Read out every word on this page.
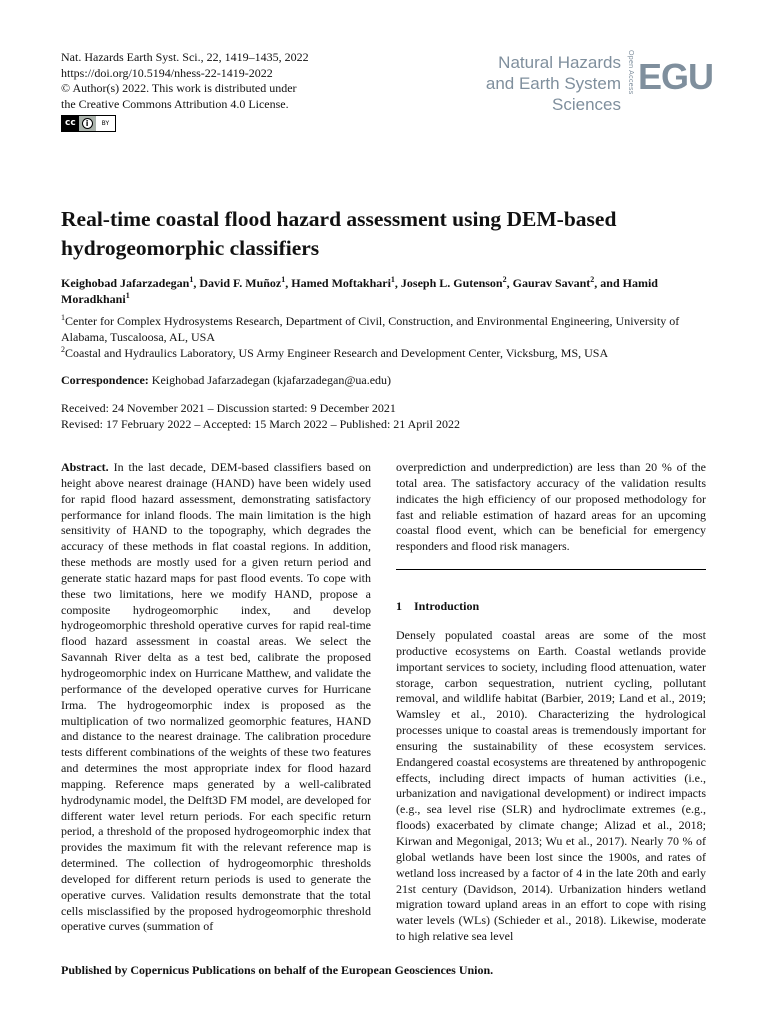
Nat. Hazards Earth Syst. Sci., 22, 1419–1435, 2022
https://doi.org/10.5194/nhess-22-1419-2022
© Author(s) 2022. This work is distributed under
the Creative Commons Attribution 4.0 License.
cc	i	BY
Natural Hazards
and Earth System
Sciences
Open Access EGU
Real-time coastal flood hazard assessment using DEM-based hydrogeomorphic classifiers
Keighobad Jafarzadegan$^1$, David F. Muñoz$^1$, Hamed Moftakhari$^1$, Joseph L. Gutenson$^2$, Gaurav Savant$^2$, and Hamid Moradkhani$^1$
$^1$Center for Complex Hydrosystems Research, Department of Civil, Construction, and Environmental Engineering, University of Alabama, Tuscaloosa, AL, USA
$^2$Coastal and Hydraulics Laboratory, US Army Engineer Research and Development Center, Vicksburg, MS, USA
Correspondence: Keighobad Jafarzadegan (kjafarzadegan@ua.edu)
Received: 24 November 2021 – Discussion started: 9 December 2021
Revised: 17 February 2022 – Accepted: 15 March 2022 – Published: 21 April 2022
Abstract. In the last decade, DEM-based classifiers based on height above nearest drainage (HAND) have been widely used for rapid flood hazard assessment, demonstrating satisfactory performance for inland floods. The main limitation is the high sensitivity of HAND to the topography, which degrades the accuracy of these methods in flat coastal regions. In addition, these methods are mostly used for a given return period and generate static hazard maps for past flood events. To cope with these two limitations, here we modify HAND, propose a composite hydrogeomorphic index, and develop hydrogeomorphic threshold operative curves for rapid real-time flood hazard assessment in coastal areas. We select the Savannah River delta as a test bed, calibrate the proposed hydrogeomorphic index on Hurricane Matthew, and validate the performance of the developed operative curves for Hurricane Irma. The hydrogeomorphic index is proposed as the multiplication of two normalized geomorphic features, HAND and distance to the nearest drainage. The calibration procedure tests different combinations of the weights of these two features and determines the most appropriate index for flood hazard mapping. Reference maps generated by a well-calibrated hydrodynamic model, the Delft3D FM model, are developed for different water level return periods. For each specific return period, a threshold of the proposed hydrogeomorphic index that provides the maximum fit with the relevant reference map is determined. The collection of hydrogeomorphic thresholds developed for different return periods is used to generate the operative curves. Validation results demonstrate that the total cells misclassified by the proposed hydrogeomorphic threshold operative curves (summation of
overprediction and underprediction) are less than 20 % of the total area. The satisfactory accuracy of the validation results indicates the high efficiency of our proposed methodology for fast and reliable estimation of hazard areas for an upcoming coastal flood event, which can be beneficial for emergency responders and flood risk managers.
1 Introduction
Densely populated coastal areas are some of the most productive ecosystems on Earth. Coastal wetlands provide important services to society, including flood attenuation, water storage, carbon sequestration, nutrient cycling, pollutant removal, and wildlife habitat (Barbier, 2019; Land et al., 2019; Wamsley et al., 2010). Characterizing the hydrological processes unique to coastal areas is tremendously important for ensuring the sustainability of these ecosystem services. Endangered coastal ecosystems are threatened by anthropogenic effects, including direct impacts of human activities (i.e., urbanization and navigational development) or indirect impacts (e.g., sea level rise (SLR) and hydroclimate extremes (e.g., floods) exacerbated by climate change; Alizad et al., 2018; Kirwan and Megonigal, 2013; Wu et al., 2017). Nearly 70 % of global wetlands have been lost since the 1900s, and rates of wetland loss increased by a factor of 4 in the late 20th and early 21st century (Davidson, 2014). Urbanization hinders wetland migration toward upland areas in an effort to cope with rising water levels (WLs) (Schieder et al., 2018). Likewise, moderate to high relative sea level
Published by Copernicus Publications on behalf of the European Geosciences Union.
